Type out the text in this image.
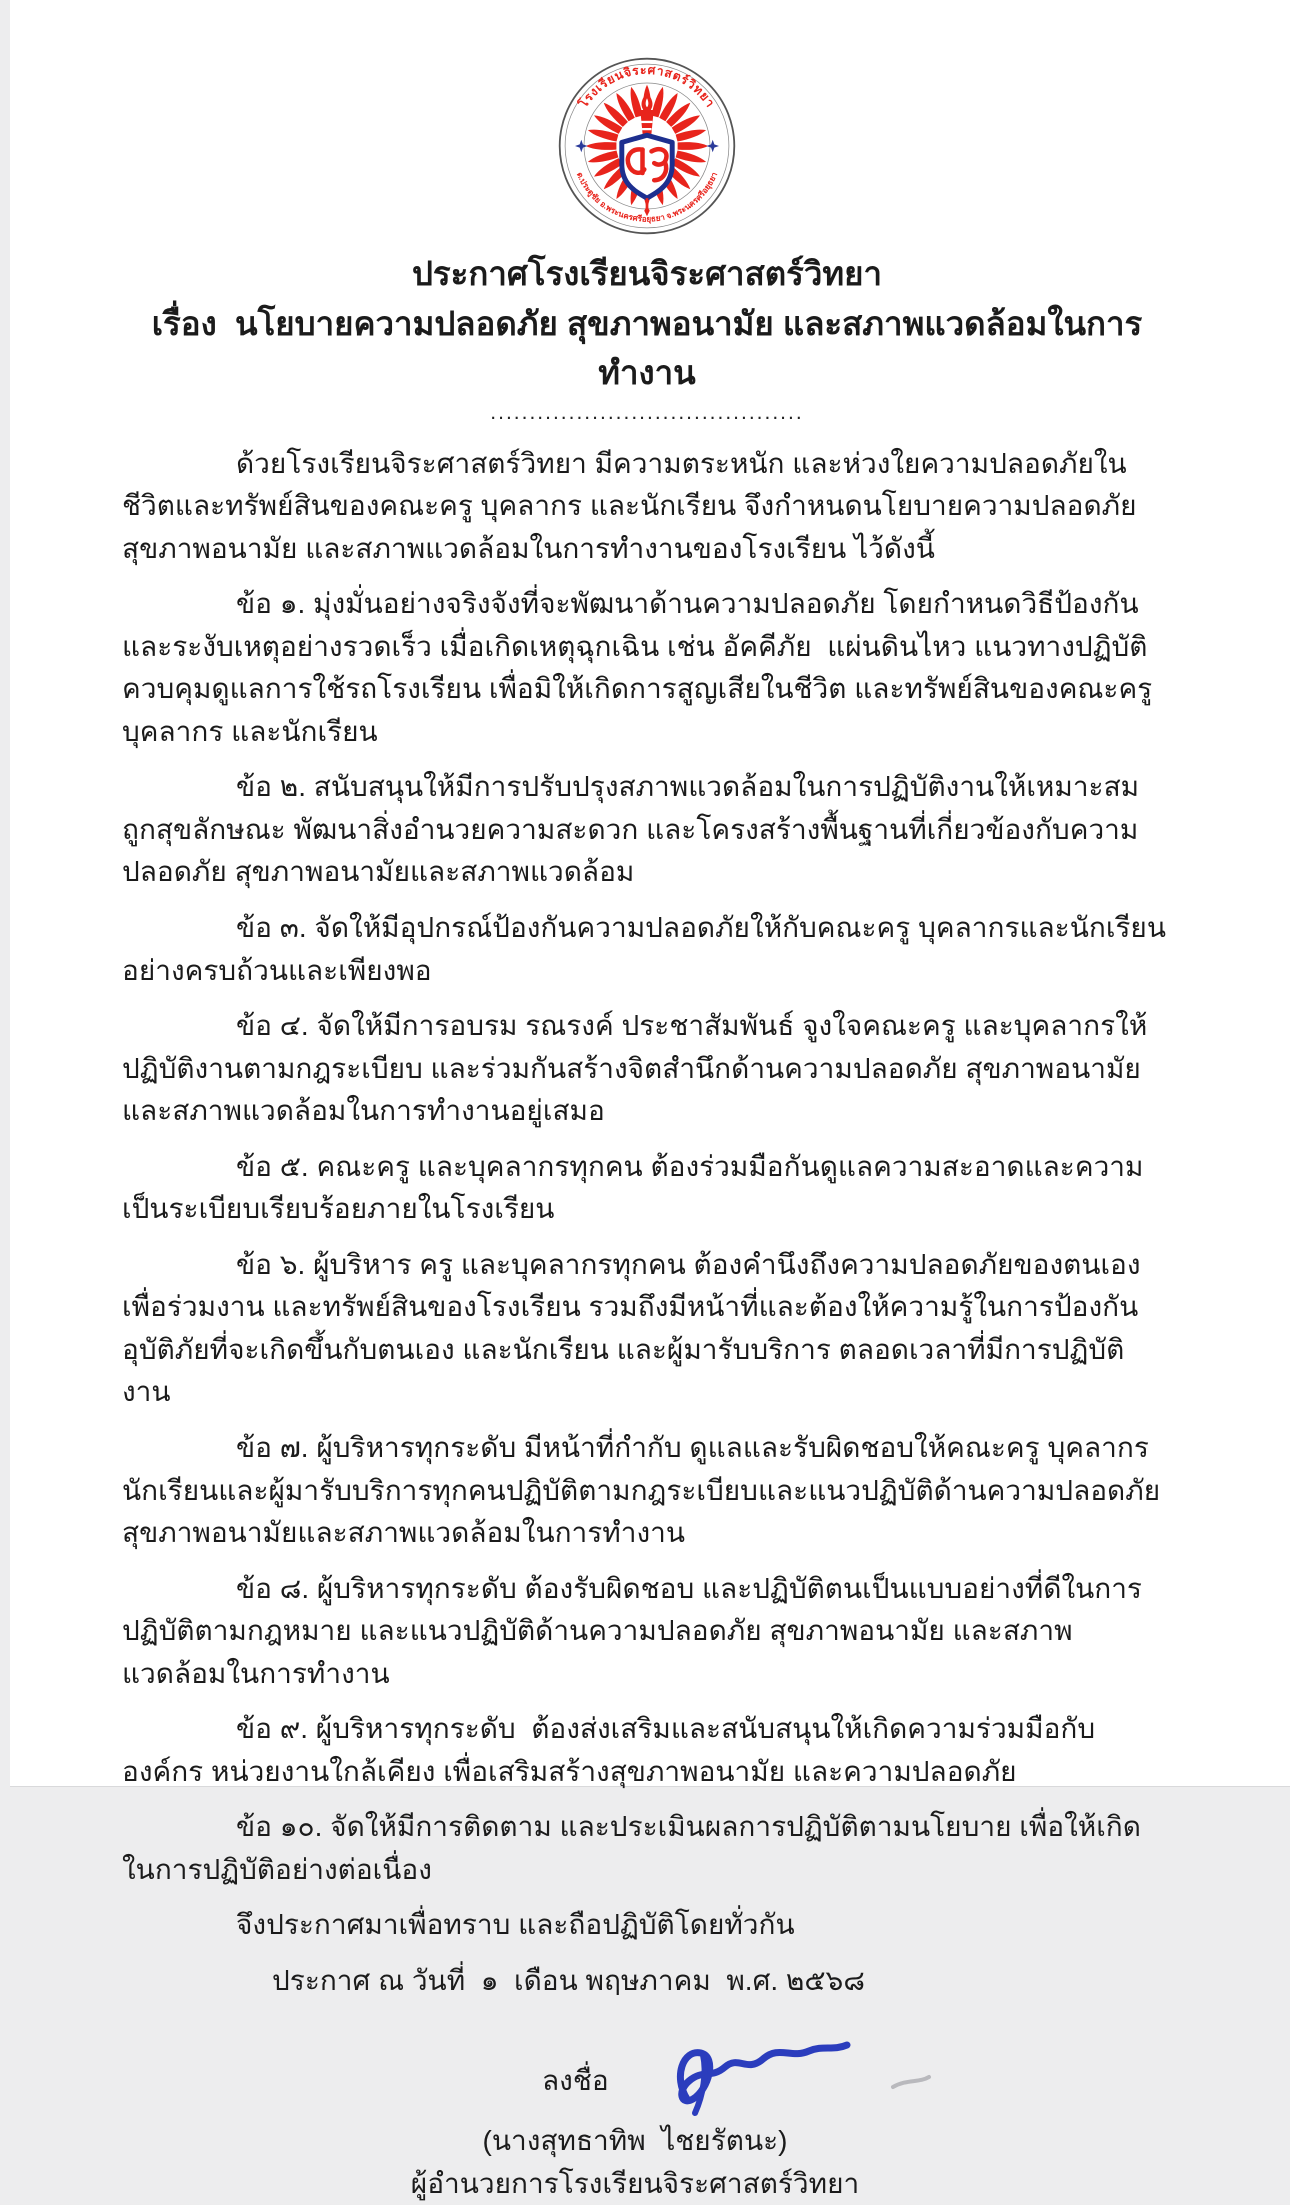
โรงเรียนจิระศาสตร์วิทยา
ต.ประตูชัย อ.พระนครศรีอยุธยา จ.พระนครศรีอยุธยา
ประกาศโรงเรียนจิระศาสตร์วิทยา
เรื่อง  นโยบายความปลอดภัย สุขภาพอนามัย และสภาพแวดล้อมในการทำงาน
........................................

ด้วยโรงเรียนจิระศาสตร์วิทยา มีความตระหนัก และห่วงใยความปลอดภัยในชีวิตและทรัพย์สินของคณะครู บุคลากร และนักเรียน จึงกำหนดนโยบายความปลอดภัย สุขภาพอนามัย และสภาพแวดล้อมในการทำงานของโรงเรียน ไว้ดังนี้

ข้อ ๑. มุ่งมั่นอย่างจริงจังที่จะพัฒนาด้านความปลอดภัย โดยกำหนดวิธีป้องกันและระงับเหตุอย่างรวดเร็ว เมื่อเกิดเหตุฉุกเฉิน เช่น อัคคีภัย  แผ่นดินไหว แนวทางปฏิบัติควบคุมดูแลการใช้รถโรงเรียน เพื่อมิให้เกิดการสูญเสียในชีวิต และทรัพย์สินของคณะครู บุคลากร และนักเรียน

ข้อ ๒. สนับสนุนให้มีการปรับปรุงสภาพแวดล้อมในการปฏิบัติงานให้เหมาะสม ถูกสุขลักษณะ พัฒนาสิ่งอำนวยความสะดวก และโครงสร้างพื้นฐานที่เกี่ยวข้องกับความปลอดภัย สุขภาพอนามัยและสภาพแวดล้อม

ข้อ ๓. จัดให้มีอุปกรณ์ป้องกันความปลอดภัยให้กับคณะครู บุคลากรและนักเรียน อย่างครบถ้วนและเพียงพอ

ข้อ ๔. จัดให้มีการอบรม รณรงค์ ประชาสัมพันธ์ จูงใจคณะครู และบุคลากรให้ปฏิบัติงานตามกฎระเบียบ และร่วมกันสร้างจิตสำนึกด้านความปลอดภัย สุขภาพอนามัย และสภาพแวดล้อมในการทำงานอยู่เสมอ

ข้อ ๕. คณะครู และบุคลากรทุกคน ต้องร่วมมือกันดูแลความสะอาดและความเป็นระเบียบเรียบร้อยภายในโรงเรียน

ข้อ ๖. ผู้บริหาร ครู และบุคลากรทุกคน ต้องคำนึงถึงความปลอดภัยของตนเอง เพื่อร่วมงาน และทรัพย์สินของโรงเรียน รวมถึงมีหน้าที่และต้องให้ความรู้ในการป้องกันอุบัติภัยที่จะเกิดขึ้นกับตนเอง และนักเรียน และผู้มารับบริการ ตลอดเวลาที่มีการปฏิบัติงาน

ข้อ ๗. ผู้บริหารทุกระดับ มีหน้าที่กำกับ ดูแลและรับผิดชอบให้คณะครู บุคลากร นักเรียนและผู้มารับบริการทุกคนปฏิบัติตามกฎระเบียบและแนวปฏิบัติด้านความปลอดภัย สุขภาพอนามัยและสภาพแวดล้อมในการทำงาน

ข้อ ๘. ผู้บริหารทุกระดับ ต้องรับผิดชอบ และปฏิบัติตนเป็นแบบอย่างที่ดีในการปฏิบัติตามกฎหมาย และแนวปฏิบัติด้านความปลอดภัย สุขภาพอนามัย และสภาพแวดล้อมในการทำงาน

ข้อ ๙. ผู้บริหารทุกระดับ  ต้องส่งเสริมและสนับสนุนให้เกิดความร่วมมือกับองค์กร หน่วยงานใกล้เคียง เพื่อเสริมสร้างสุขภาพอนามัย และความปลอดภัย

ข้อ ๑๐. จัดให้มีการติดตาม และประเมินผลการปฏิบัติตามนโยบาย เพื่อให้เกิดในการปฏิบัติอย่างต่อเนื่อง

จึงประกาศมาเพื่อทราบ และถือปฏิบัติโดยทั่วกัน

ประกาศ ณ วันที่  ๑  เดือน พฤษภาคม  พ.ศ. ๒๕๖๘
ลงชื่อ
(นางสุทธาทิพ  ไชยรัตนะ)
ผู้อำนวยการโรงเรียนจิระศาสตร์วิทยา
